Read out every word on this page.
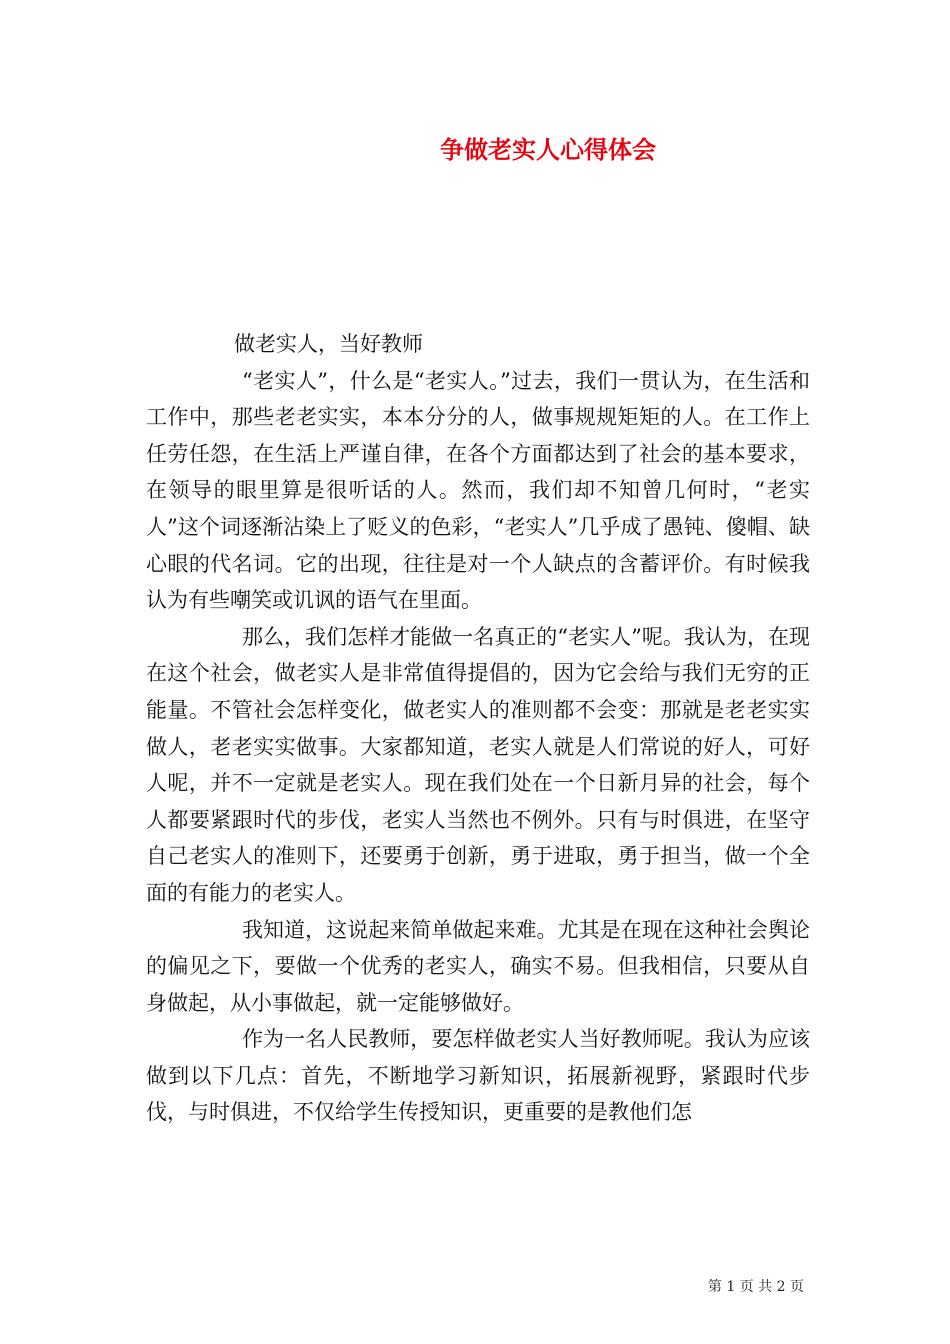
争做老实人心得体会

做老实人，当好教师

“老实人”，什么是“老实人。”过去，我们一贯认为，在生活和工作中，那些老老实实，本本分分的人，做事规规矩矩的人。在工作上任劳任怨，在生活上严谨自律，在各个方面都达到了社会的基本要求，在领导的眼里算是很听话的人。然而，我们却不知曾几何时，“老实人”这个词逐渐沾染上了贬义的色彩，“老实人”几乎成了愚钝、傻帽、缺心眼的代名词。它的出现，往往是对一个人缺点的含蓄评价。有时候我认为有些嘲笑或讥讽的语气在里面。

那么，我们怎样才能做一名真正的“老实人”呢。我认为，在现在这个社会，做老实人是非常值得提倡的，因为它会给与我们无穷的正能量。不管社会怎样变化，做老实人的准则都不会变：那就是老老实实做人，老老实实做事。大家都知道，老实人就是人们常说的好人，可好人呢，并不一定就是老实人。现在我们处在一个日新月异的社会，每个人都要紧跟时代的步伐，老实人当然也不例外。只有与时俱进，在坚守自己老实人的准则下，还要勇于创新，勇于进取，勇于担当，做一个全面的有能力的老实人。

我知道，这说起来简单做起来难。尤其是在现在这种社会舆论的偏见之下，要做一个优秀的老实人，确实不易。但我相信，只要从自身做起，从小事做起，就一定能够做好。

作为一名人民教师，要怎样做老实人当好教师呢。我认为应该做到以下几点：首先，不断地学习新知识，拓展新视野，紧跟时代步伐，与时俱进，不仅给学生传授知识，更重要的是教他们怎

第 1 页 共 2 页
